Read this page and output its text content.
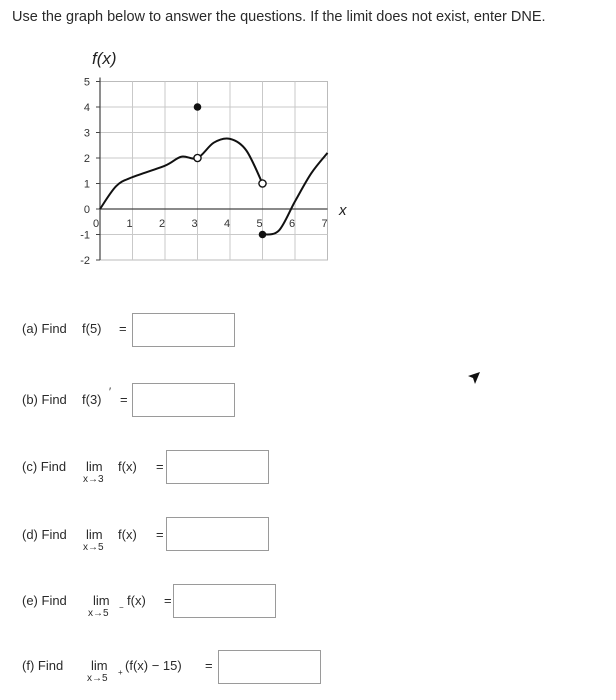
Use the graph below to answer the questions. If the limit does not exist, enter DNE.
5
4
3
2
1
0
-1
-2
0 1 2 3 4 5 6 7
f(x)
x
(a) Find f(5) =
(b) Find f(3) ′ =
(c) Find lim
x→3
f(x) =
(d) Find lim
x→5
f(x) =
(e) Find lim
x→5
− f(x) =
(f) Find lim
x→5
+ (f(x) − 15) =
